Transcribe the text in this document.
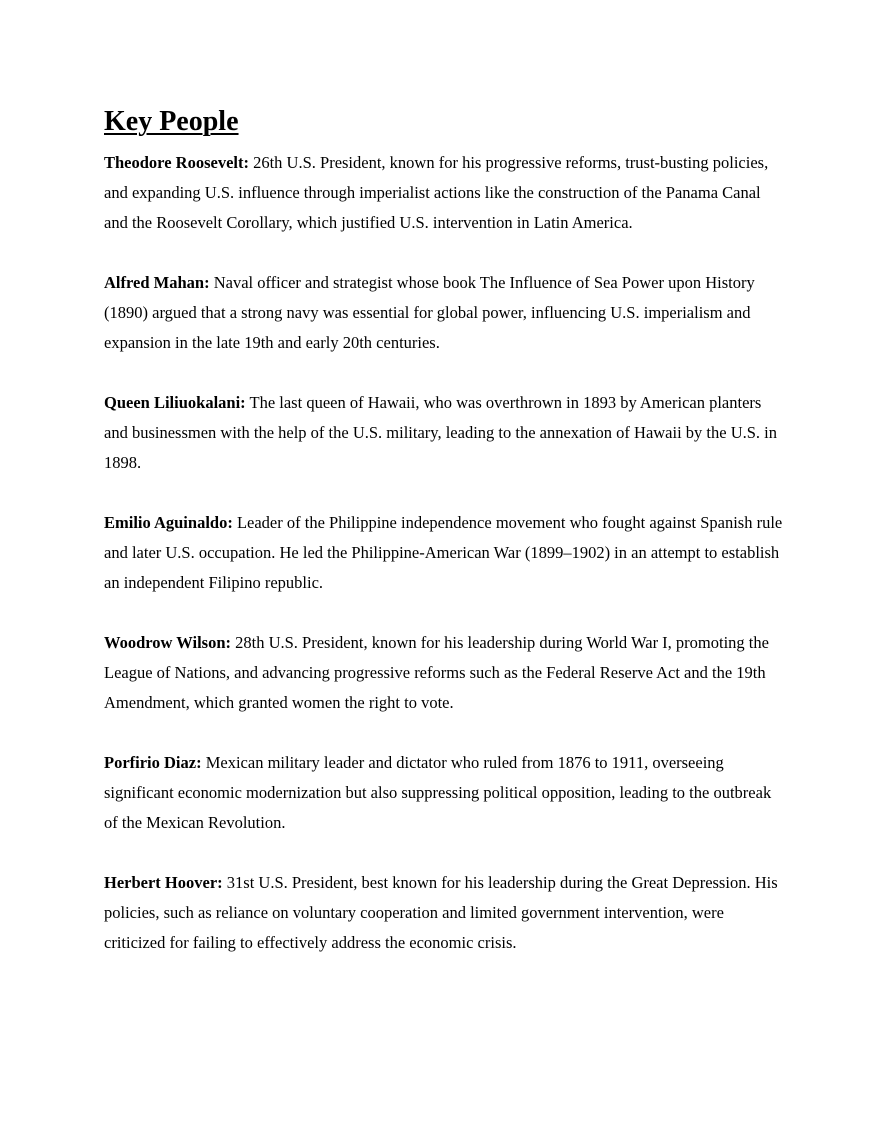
Key People

Theodore Roosevelt: 26th U.S. President, known for his progressive reforms, trust-busting policies, and expanding U.S. influence through imperialist actions like the construction of the Panama Canal and the Roosevelt Corollary, which justified U.S. intervention in Latin America.

Alfred Mahan: Naval officer and strategist whose book The Influence of Sea Power upon History (1890) argued that a strong navy was essential for global power, influencing U.S. imperialism and expansion in the late 19th and early 20th centuries.

Queen Liliuokalani: The last queen of Hawaii, who was overthrown in 1893 by American planters and businessmen with the help of the U.S. military, leading to the annexation of Hawaii by the U.S. in 1898.

Emilio Aguinaldo: Leader of the Philippine independence movement who fought against Spanish rule and later U.S. occupation. He led the Philippine-American War (1899–1902) in an attempt to establish an independent Filipino republic.

Woodrow Wilson: 28th U.S. President, known for his leadership during World War I, promoting the League of Nations, and advancing progressive reforms such as the Federal Reserve Act and the 19th Amendment, which granted women the right to vote.

Porfirio Diaz: Mexican military leader and dictator who ruled from 1876 to 1911, overseeing significant economic modernization but also suppressing political opposition, leading to the outbreak of the Mexican Revolution.

Herbert Hoover: 31st U.S. President, best known for his leadership during the Great Depression. His policies, such as reliance on voluntary cooperation and limited government intervention, were criticized for failing to effectively address the economic crisis.
